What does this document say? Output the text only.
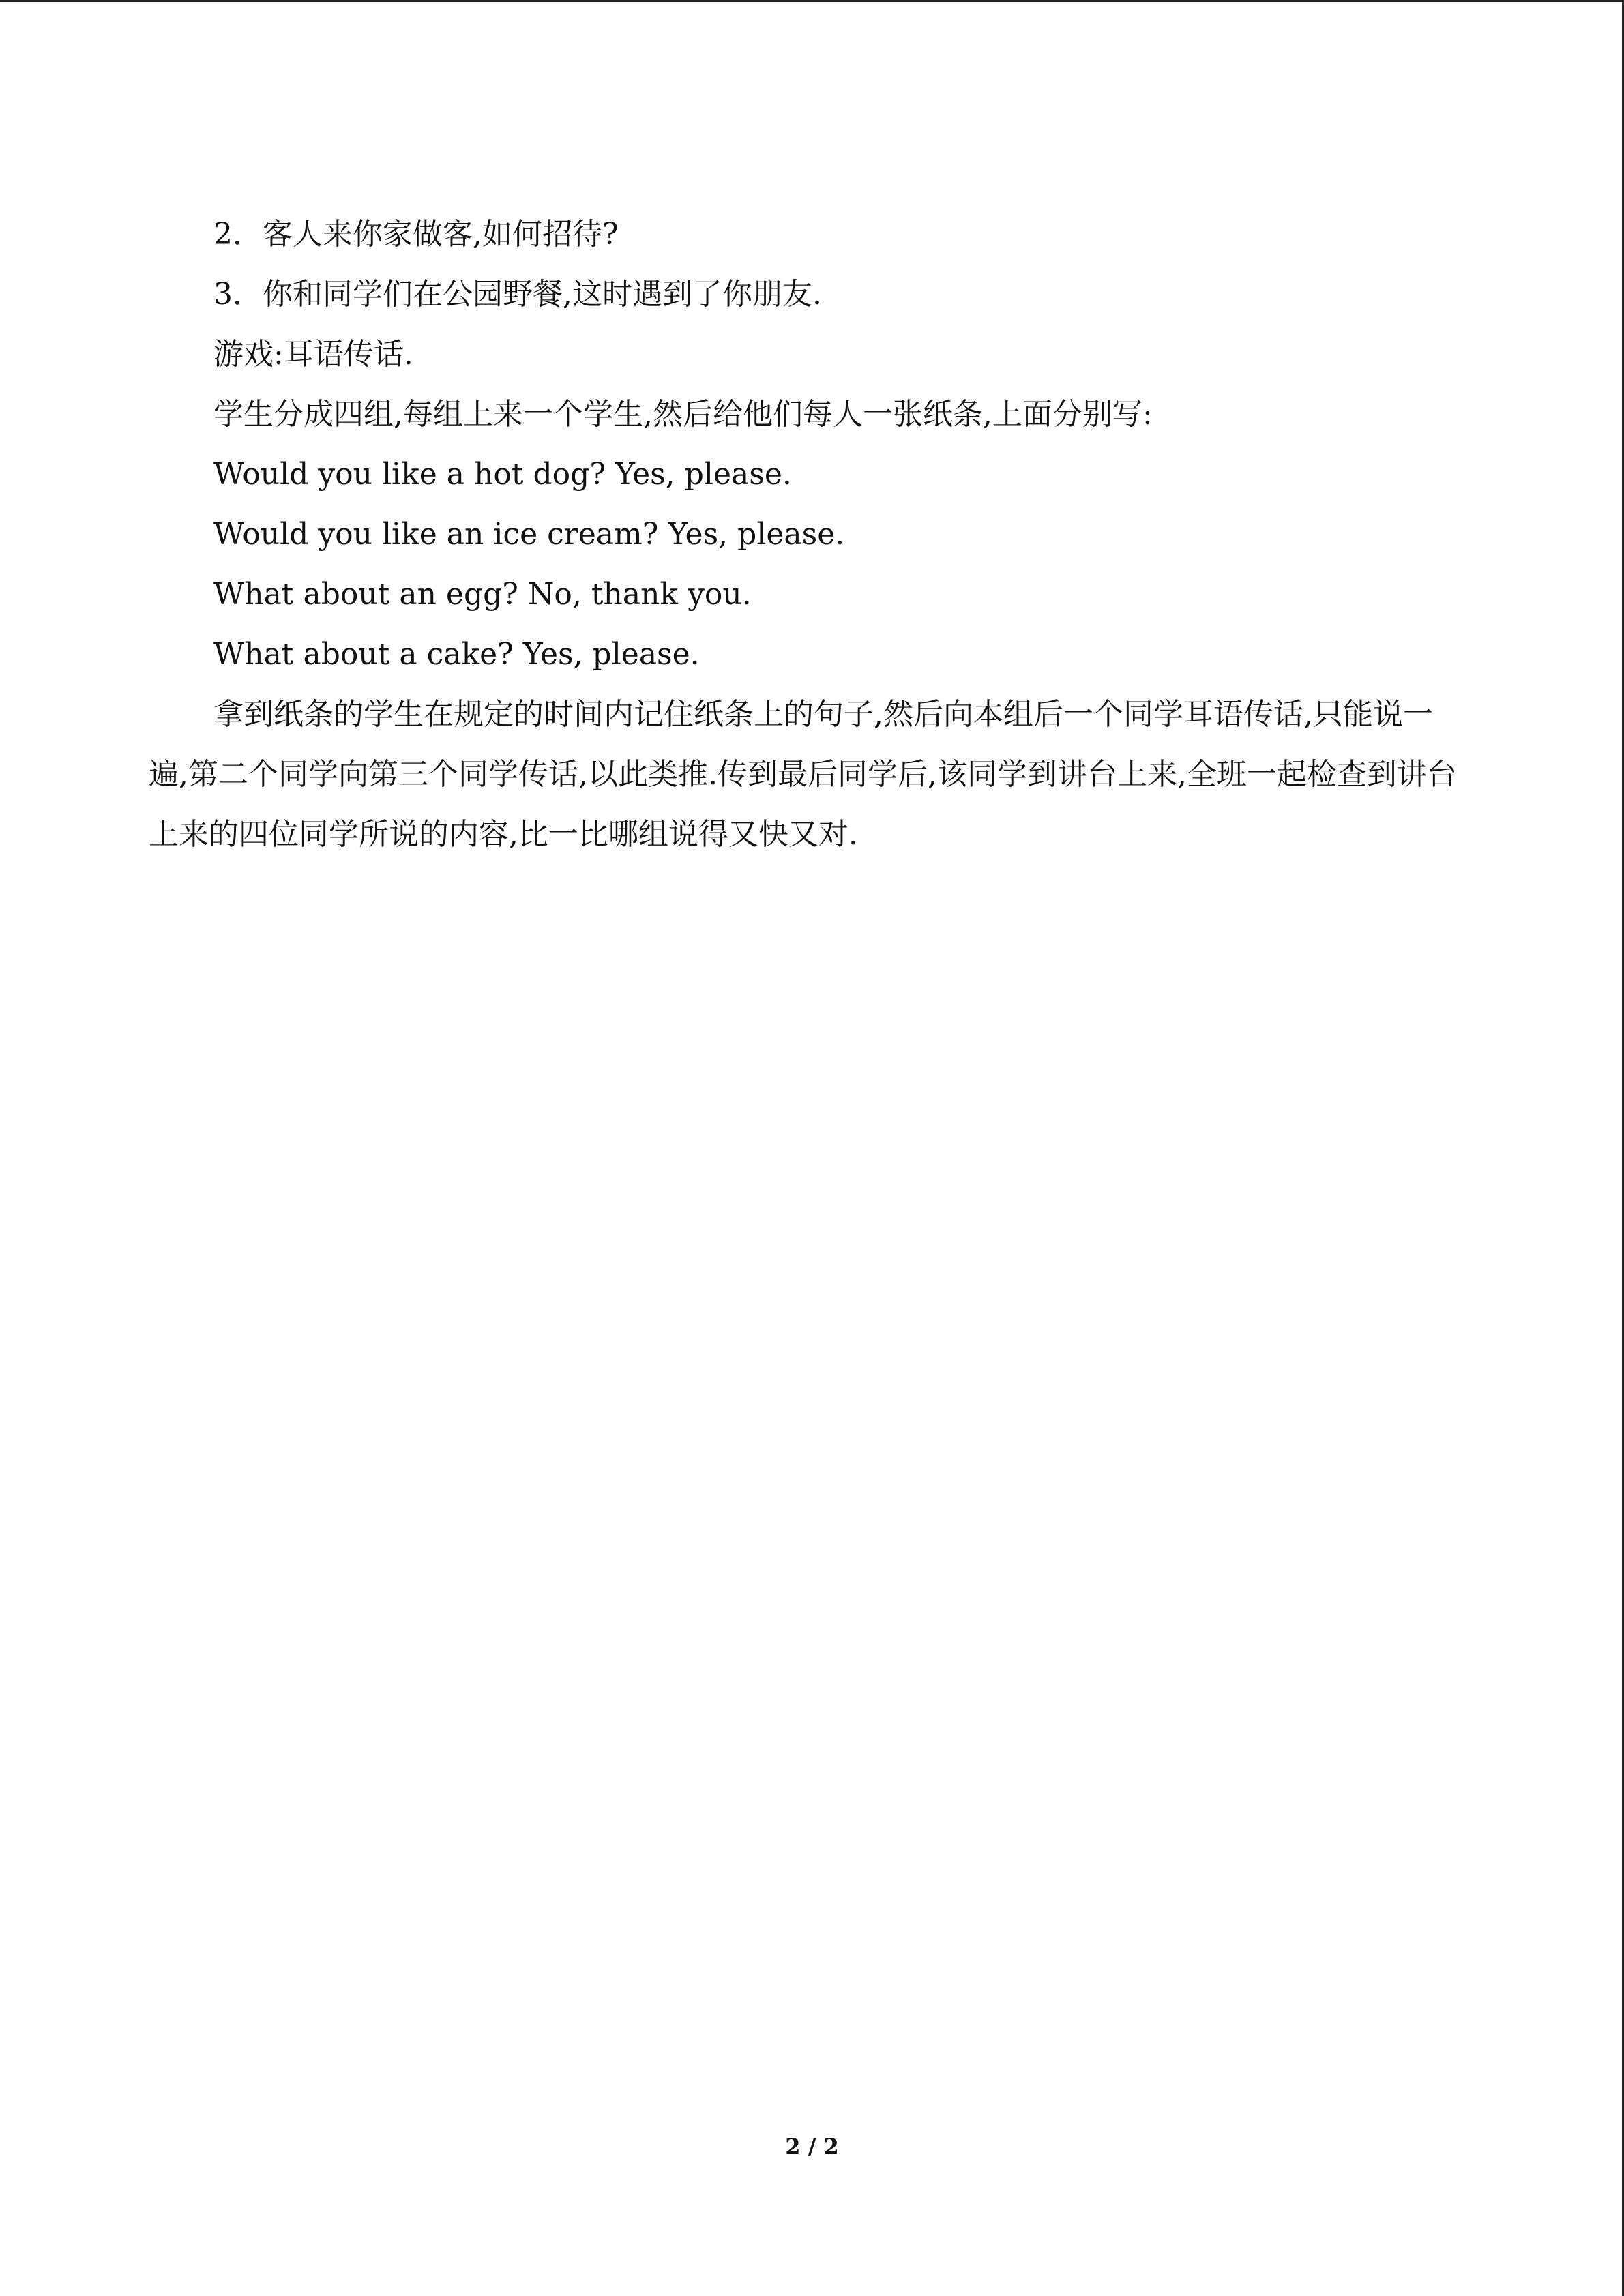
2．客人来你家做客,如何招待?
3．你和同学们在公园野餐,这时遇到了你朋友.
游戏:耳语传话.
学生分成四组,每组上来一个学生,然后给他们每人一张纸条,上面分别写:
Would you like a hot dog? Yes, please.
Would you like an ice cream? Yes, please.
What about an egg? No, thank you.
What about a cake? Yes, please.
拿到纸条的学生在规定的时间内记住纸条上的句子,然后向本组后一个同学耳语传话,只能说一遍,第二个同学向第三个同学传话,以此类推.传到最后同学后,该同学到讲台上来,全班一起检查到讲台上来的四位同学所说的内容,比一比哪组说得又快又对.
2 / 2
